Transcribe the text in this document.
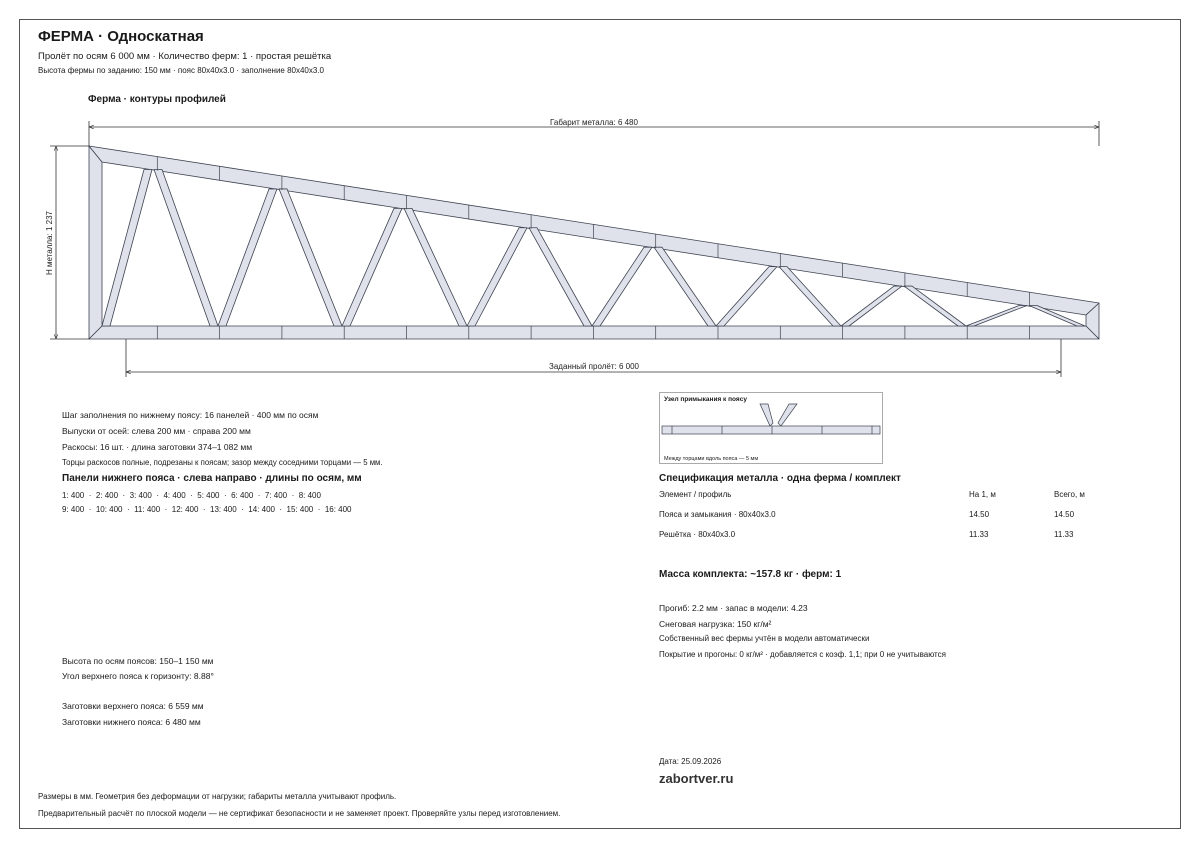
ФЕРМА · Односкатная
Пролёт по осям 6 000 мм · Количество ферм: 1 · простая решётка
Высота фермы по заданию: 150 мм · пояс 80x40x3.0 · заполнение 80x40x3.0
Ферма · контуры профилей
Габарит металла: 6 480
Н металла: 1 237
Заданный пролёт: 6 000
Шаг заполнения по нижнему поясу: 16 панелей · 400 мм по осям
Выпуски от осей: слева 200 мм · справа 200 мм
Раскосы: 16 шт. · длина заготовки 374–1 082 мм
Торцы раскосов полные, подрезаны к поясам; зазор между соседними торцами — 5 мм.
Панели нижнего пояса · слева направо · длины по осям, мм
1: 400  ·  2: 400  ·  3: 400  ·  4: 400  ·  5: 400  ·  6: 400  ·  7: 400  ·  8: 400
9: 400  ·  10: 400  ·  11: 400  ·  12: 400  ·  13: 400  ·  14: 400  ·  15: 400  ·  16: 400
Высота по осям поясов: 150–1 150 мм
Угол верхнего пояса к горизонту: 8.88°
Заготовки верхнего пояса: 6 559 мм
Заготовки нижнего пояса: 6 480 мм
Узел примыкания к поясу
Между торцами вдоль пояса — 5 мм
Спецификация металла · одна ферма / комплект
Элемент / профиль	На 1, м	Всего, м
Пояса и замыкания · 80x40x3.0	14.50	14.50
Решётка · 80x40x3.0	11.33	11.33
Масса комплекта: ~157.8 кг · ферм: 1
Прогиб: 2.2 мм · запас в модели: 4.23
Снеговая нагрузка: 150 кг/м²
Собственный вес фермы учтён в модели автоматически
Покрытие и прогоны: 0 кг/м² · добавляется с коэф. 1,1; при 0 не учитываются
Дата: 25.09.2026
zabortver.ru
Размеры в мм. Геометрия без деформации от нагрузки; габариты металла учитывают профиль.
Предварительный расчёт по плоской модели — не сертификат безопасности и не заменяет проект. Проверяйте узлы перед изготовлением.
